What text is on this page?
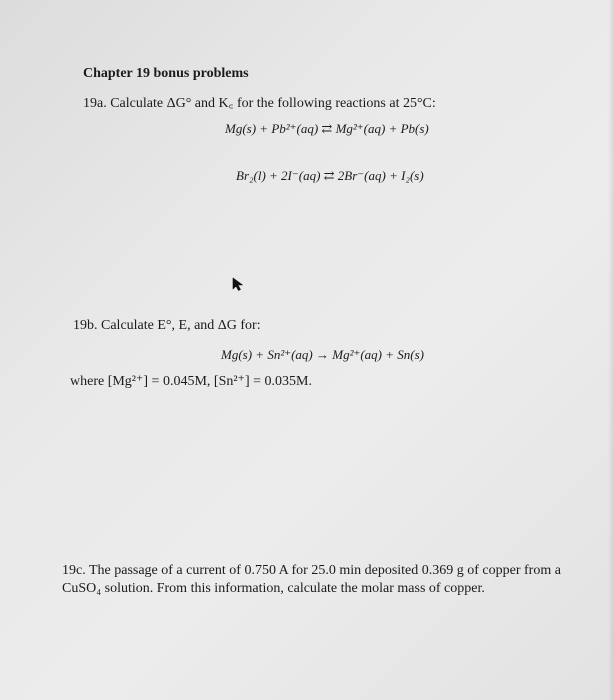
Chapter 19 bonus problems
19a. Calculate ΔG° and K꜀ for the following reactions at 25°C:
Mg(s) + Pb²⁺(aq) ⇄ Mg²⁺(aq) + Pb(s)
Br₂(l) + 2I⁻(aq) ⇄ 2Br⁻(aq) + I₂(s)
19b. Calculate E°, E, and ΔG for:
Mg(s) + Sn²⁺(aq) → Mg²⁺(aq) + Sn(s)
where [Mg²⁺] = 0.045M, [Sn²⁺] = 0.035M.
19c. The passage of a current of 0.750 A for 25.0 min deposited 0.369 g of copper from a
CuSO₄ solution. From this information, calculate the molar mass of copper.
